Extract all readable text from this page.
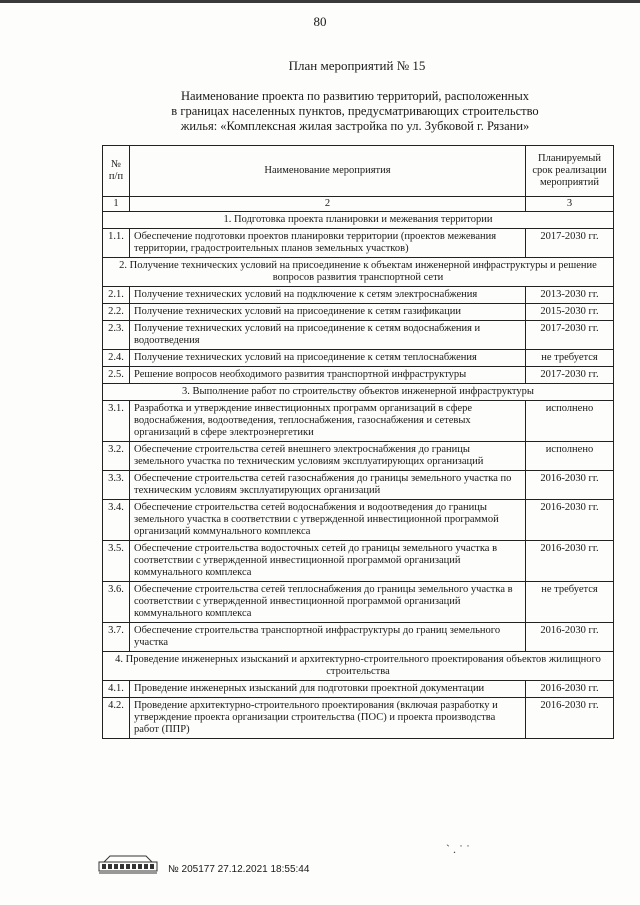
80
План мероприятий № 15
Наименование проекта по развитию территорий, расположенных
в границах населенных пунктов, предусматривающих строительство
жилья: «Комплексная жилая застройка по ул. Зубковой г. Рязани»
№ п/п	Наименование мероприятия	Планируемый срок реализации мероприятий
1	2	3
1. Подготовка проекта планировки и межевания территории		
1.1.	Обеспечение подготовки проектов планировки территории (проектов межевания территории, градостроительных планов земельных участков)	2017-2030 гг.
2. Получение технических условий на присоединение к объектам инженерной инфраструктуры и решение вопросов развития транспортной сети		
2.1.	Получение технических условий на подключение к сетям электроснабжения	2013-2030 гг.
2.2.	Получение технических условий на присоединение к сетям газификации	2015-2030 гг.
2.3.	Получение технических условий на присоединение к сетям водоснабжения и водоотведения	2017-2030 гг.
2.4.	Получение технических условий на присоединение к сетям теплоснабжения	не требуется
2.5.	Решение вопросов необходимого развития транспортной инфраструктуры	2017-2030 гг.
3. Выполнение работ по строительству объектов инженерной инфраструктуры		
3.1.	Разработка и утверждение инвестиционных программ организаций в сфере водоснабжения, водоотведения, теплоснабжения, газоснабжения и сетевых организаций в сфере электроэнергетики	исполнено
3.2.	Обеспечение строительства сетей внешнего электроснабжения до границы земельного участка по техническим условиям эксплуатирующих организаций	исполнено
3.3.	Обеспечение строительства сетей газоснабжения до границы земельного участка по техническим условиям эксплуатирующих организаций	2016-2030 гг.
3.4.	Обеспечение строительства сетей водоснабжения и водоотведения до границы земельного участка в соответствии с утвержденной инвестиционной программой организаций коммунального комплекса	2016-2030 гг.
3.5.	Обеспечение строительства водосточных сетей до границы земельного участка в соответствии с утвержденной инвестиционной программой организаций коммунального комплекса	2016-2030 гг.
3.6.	Обеспечение строительства сетей теплоснабжения до границы земельного участка в соответствии с утвержденной инвестиционной программой организаций коммунального комплекса	не требуется
3.7.	Обеспечение строительства транспортной инфраструктуры до границ земельного участка	2016-2030 гг.
4. Проведение инженерных изысканий и архитектурно-строительного проектирования объектов жилищного строительства		
4.1.	Проведение инженерных изысканий для подготовки проектной документации	2016-2030 гг.
4.2.	Проведение архитектурно-строительного проектирования (включая разработку и утверждение проекта организации строительства (ПОС) и проекта производства работ (ППР)	2016-2030 гг.
№ 205177 27.12.2021 18:55:44
` . ˙ ˙
